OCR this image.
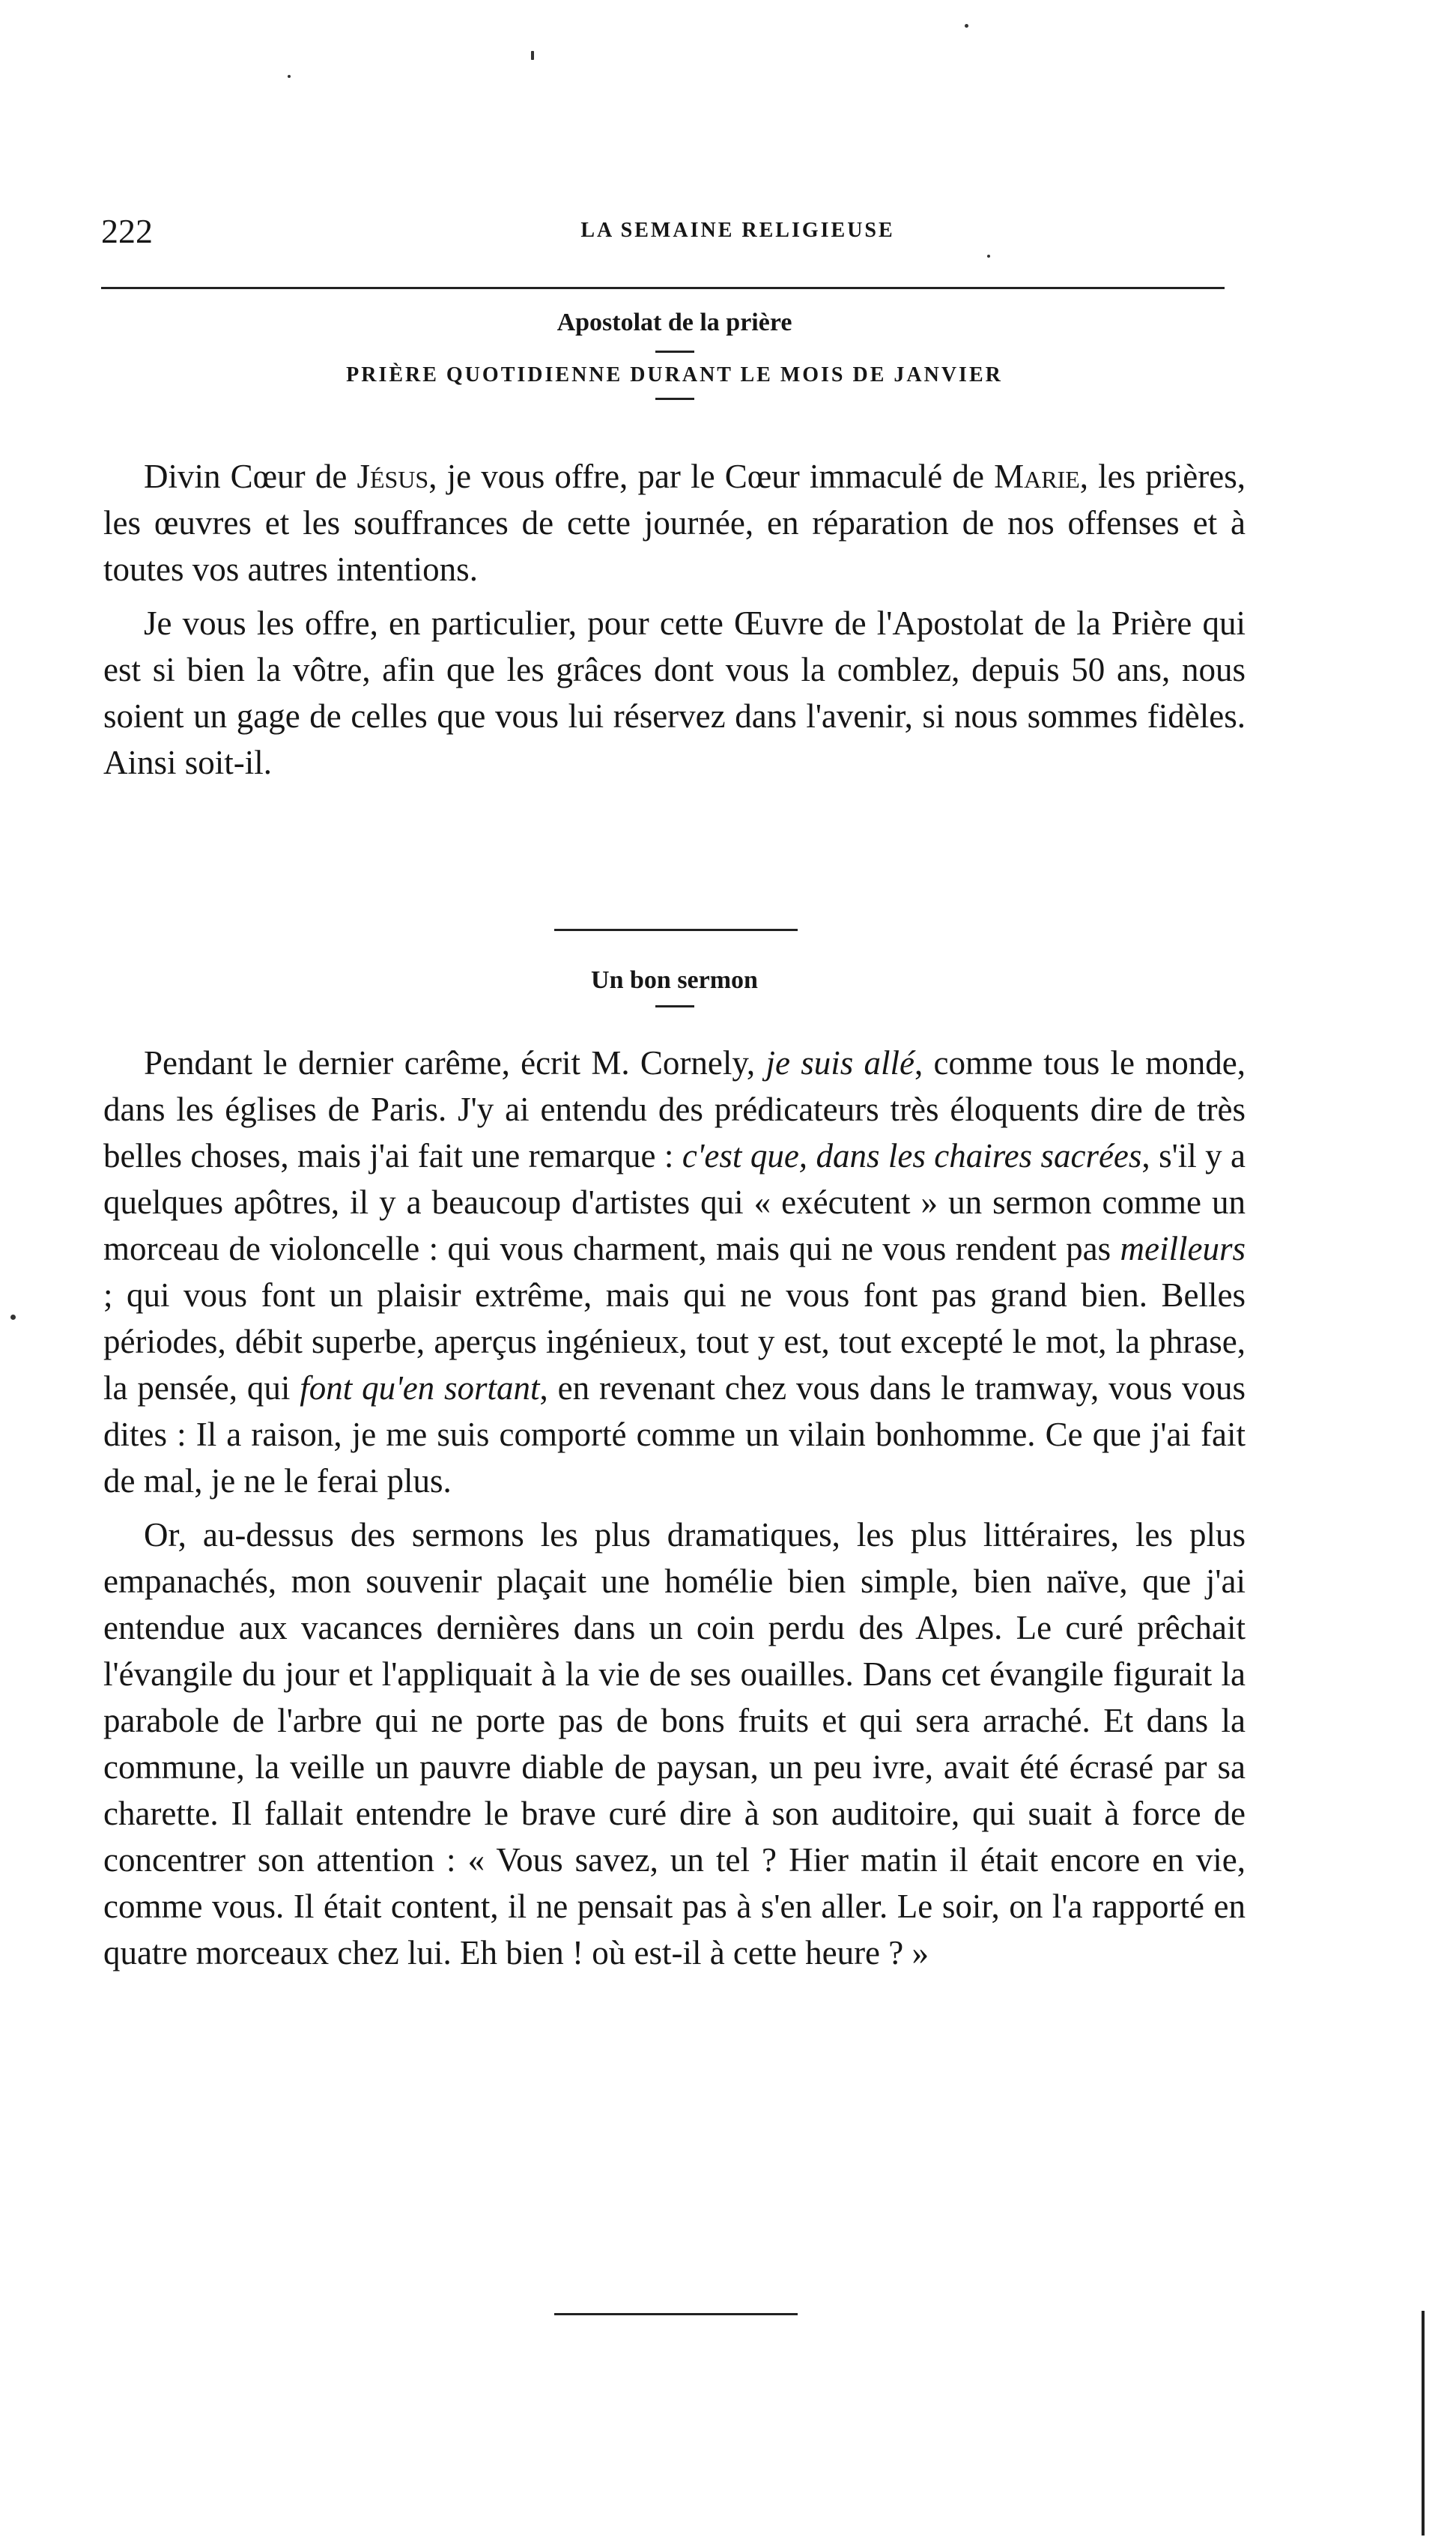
222	LA SEMAINE RELIGIEUSE
Apostolat de la prière
PRIÈRE QUOTIDIENNE DURANT LE MOIS DE JANVIER

Divin Cœur de Jésus, je vous offre, par le Cœur immaculé de Marie, les prières, les œuvres et les souffrances de cette journée, en réparation de nos offenses et à toutes vos autres intentions.

Je vous les offre, en particulier, pour cette Œuvre de l'Apostolat de la Prière qui est si bien la vôtre, afin que les grâces dont vous la comblez, depuis 50 ans, nous soient un gage de celles que vous lui réservez dans l'avenir, si nous sommes fidèles. Ainsi soit-il.

Un bon sermon

Pendant le dernier carême, écrit M. Cornely, je suis allé, comme tous le monde, dans les églises de Paris. J'y ai entendu des prédicateurs très éloquents dire de très belles choses, mais j'ai fait une remarque : c'est que, dans les chaires sacrées, s'il y a quelques apôtres, il y a beaucoup d'artistes qui « exécutent » un sermon comme un morceau de violoncelle : qui vous charment, mais qui ne vous rendent pas meilleurs ; qui vous font un plaisir extrême, mais qui ne vous font pas grand bien. Belles périodes, débit superbe, aperçus ingénieux, tout y est, tout excepté le mot, la phrase, la pensée, qui font qu'en sortant, en revenant chez vous dans le tramway, vous vous dites : Il a raison, je me suis comporté comme un vilain bonhomme. Ce que j'ai fait de mal, je ne le ferai plus.

Or, au-dessus des sermons les plus dramatiques, les plus littéraires, les plus empanachés, mon souvenir plaçait une homélie bien simple, bien naïve, que j'ai entendue aux vacances dernières dans un coin perdu des Alpes. Le curé prêchait l'évangile du jour et l'appliquait à la vie de ses ouailles. Dans cet évangile figurait la parabole de l'arbre qui ne porte pas de bons fruits et qui sera arraché. Et dans la commune, la veille un pauvre diable de paysan, un peu ivre, avait été écrasé par sa charette. Il fallait entendre le brave curé dire à son auditoire, qui suait à force de concentrer son attention : « Vous savez, un tel ? Hier matin il était encore en vie, comme vous. Il était content, il ne pensait pas à s'en aller. Le soir, on l'a rapporté en quatre morceaux chez lui. Eh bien ! où est-il à cette heure ? »
